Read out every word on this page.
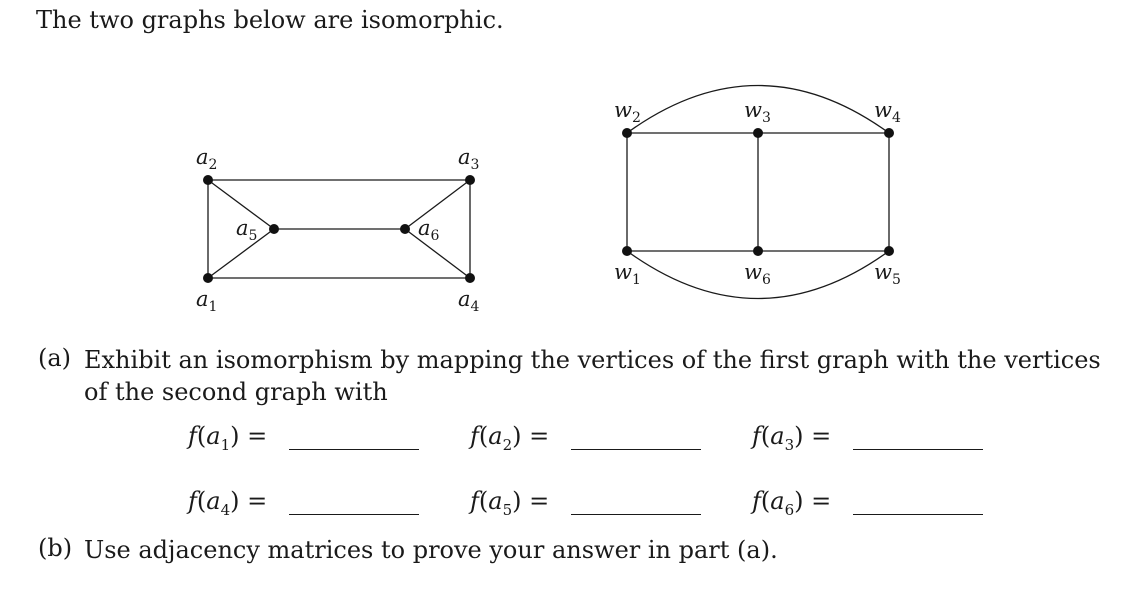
The two graphs below are isomorphic.

$a_1$
$a_2$	$a_3$
$a_4$
$a_5$	$a_6$
$w_1$
$w_2$	$w_3$	$w_4$
$w_5$
$w_6$
(a) Exhibit an isomorphism by mapping the vertices of the first graph with the vertices of the second graph with
$f(a_1)$ =	$f(a_2)$ =	$f(a_3)$ =
$f(a_4)$ =	$f(a_5)$ =	$f(a_6)$ =
(b) Use adjacency matrices to prove your answer in part (a).
